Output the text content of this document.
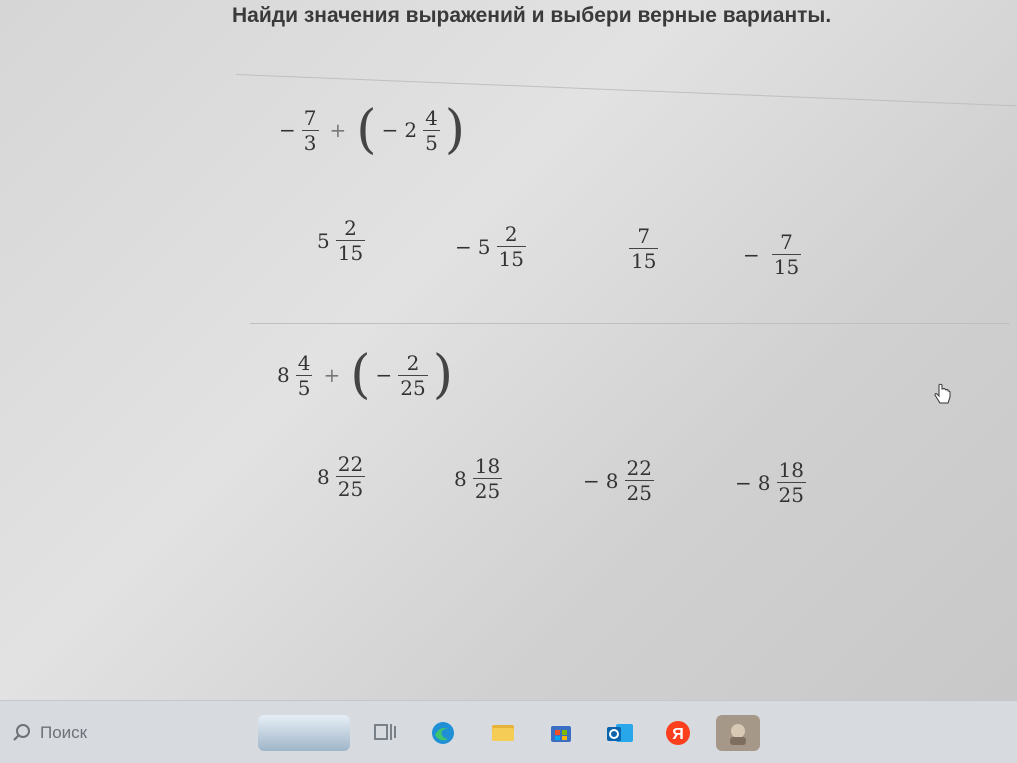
Найди значения выражений и выбери верные варианты.
− $\frac{7}{3}$ + ( − $2 \frac{4}{5}$ )
$5 \frac{2}{15}$	− $5 \frac{2}{15}$	$\frac{7}{15}$	− $\frac{7}{15}$
$8 \frac{4}{5}$ + ( − $\frac{2}{25}$ )
$8 \frac{22}{25}$	$8 \frac{18}{25}$	− $8 \frac{22}{25}$	− $8 \frac{18}{25}$
Поиск	Я
